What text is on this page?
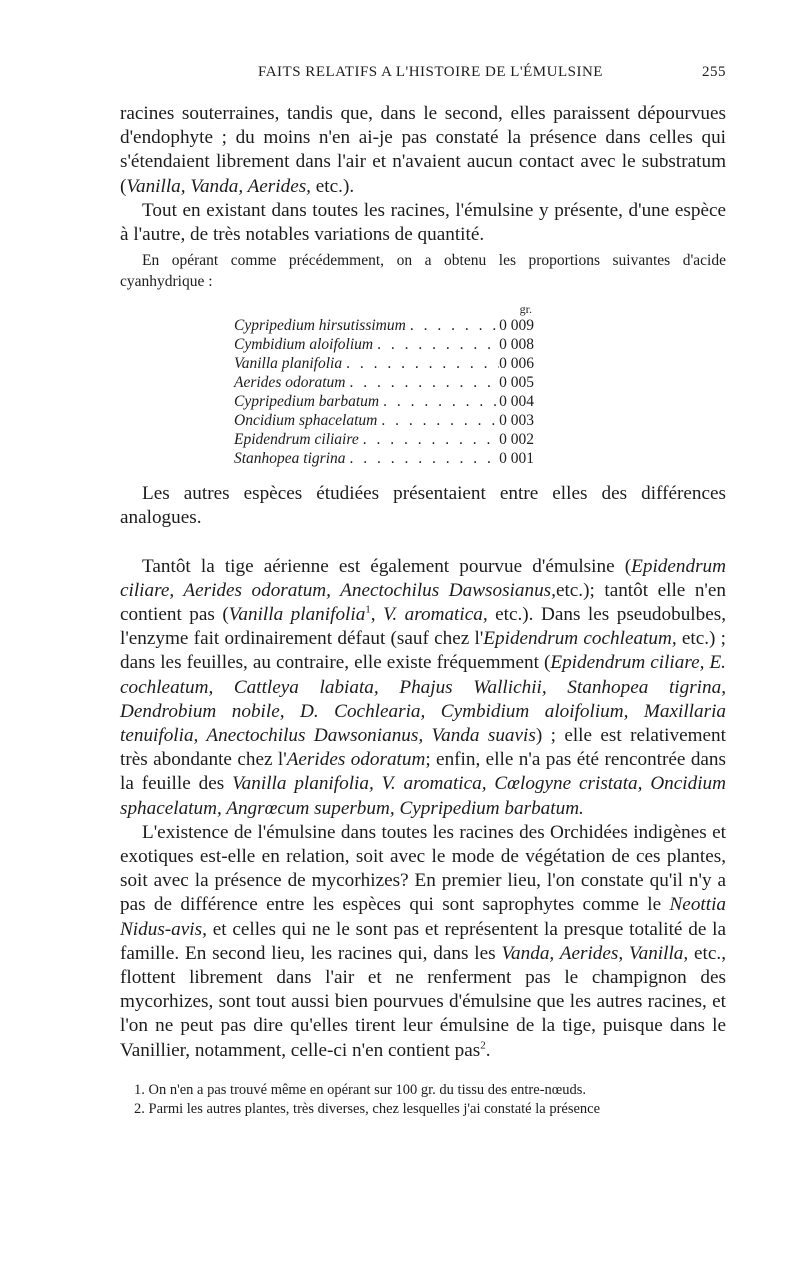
FAITS RELATIFS A L'HISTOIRE DE L'ÉMULSINE	255

racines souterraines, tandis que, dans le second, elles paraissent dépourvues d'endophyte ; du moins n'en ai-je pas constaté la présence dans celles qui s'étendaient librement dans l'air et n'avaient aucun contact avec le substratum (Vanilla, Vanda, Aerides, etc.).

Tout en existant dans toutes les racines, l'émulsine y présente, d'une espèce à l'autre, de très notables variations de quantité.

En opérant comme précédemment, on a obtenu les proportions suivantes d'acide cyanhydrique :

gr.
Cypripedium hirsutissimum . . .	0 009
Cymbidium aloifolium . . .	0 008
Vanilla planifolia . . .	0 006
Aerides odoratum . . .	0 005
Cypripedium barbatum . . .	0 004
Oncidium sphacelatum . . .	0 003
Epidendrum ciliaire . . .	0 002
Stanhopea tigrina . . .	0 001

Les autres espèces étudiées présentaient entre elles des différences analogues.

Tantôt la tige aérienne est également pourvue d'émulsine (Epidendrum ciliare, Aerides odoratum, Anectochilus Dawsosianus,etc.); tantôt elle n'en contient pas (Vanilla planifolia$^1$, V. aromatica, etc.). Dans les pseudobulbes, l'enzyme fait ordinairement défaut (sauf chez l'Epidendrum cochleatum, etc.) ; dans les feuilles, au contraire, elle existe fréquemment (Epidendrum ciliare, E. cochleatum, Cattleya labiata, Phajus Wallichii, Stanhopea tigrina, Dendrobium nobile, D. Cochlearia, Cymbidium aloifolium, Maxillaria tenuifolia, Anectochilus Dawsonianus, Vanda suavis) ; elle est relativement très abondante chez l'Aerides odoratum; enfin, elle n'a pas été rencontrée dans la feuille des Vanilla planifolia, V. aromatica, Cœlogyne cristata, Oncidium sphacelatum, Angrœcum superbum, Cypripedium barbatum.

L'existence de l'émulsine dans toutes les racines des Orchidées indigènes et exotiques est-elle en relation, soit avec le mode de végétation de ces plantes, soit avec la présence de mycorhizes? En premier lieu, l'on constate qu'il n'y a pas de différence entre les espèces qui sont saprophytes comme le Neottia Nidus-avis, et celles qui ne le sont pas et représentent la presque totalité de la famille. En second lieu, les racines qui, dans les Vanda, Aerides, Vanilla, etc., flottent librement dans l'air et ne renferment pas le champignon des mycorhizes, sont tout aussi bien pourvues d'émulsine que les autres racines, et l'on ne peut pas dire qu'elles tirent leur émulsine de la tige, puisque dans le Vanillier, notamment, celle-ci n'en contient pas$^2$.

1. On n'en a pas trouvé même en opérant sur 100 gr. du tissu des entre-nœuds.
2. Parmi les autres plantes, très diverses, chez lesquelles j'ai constaté la présence
